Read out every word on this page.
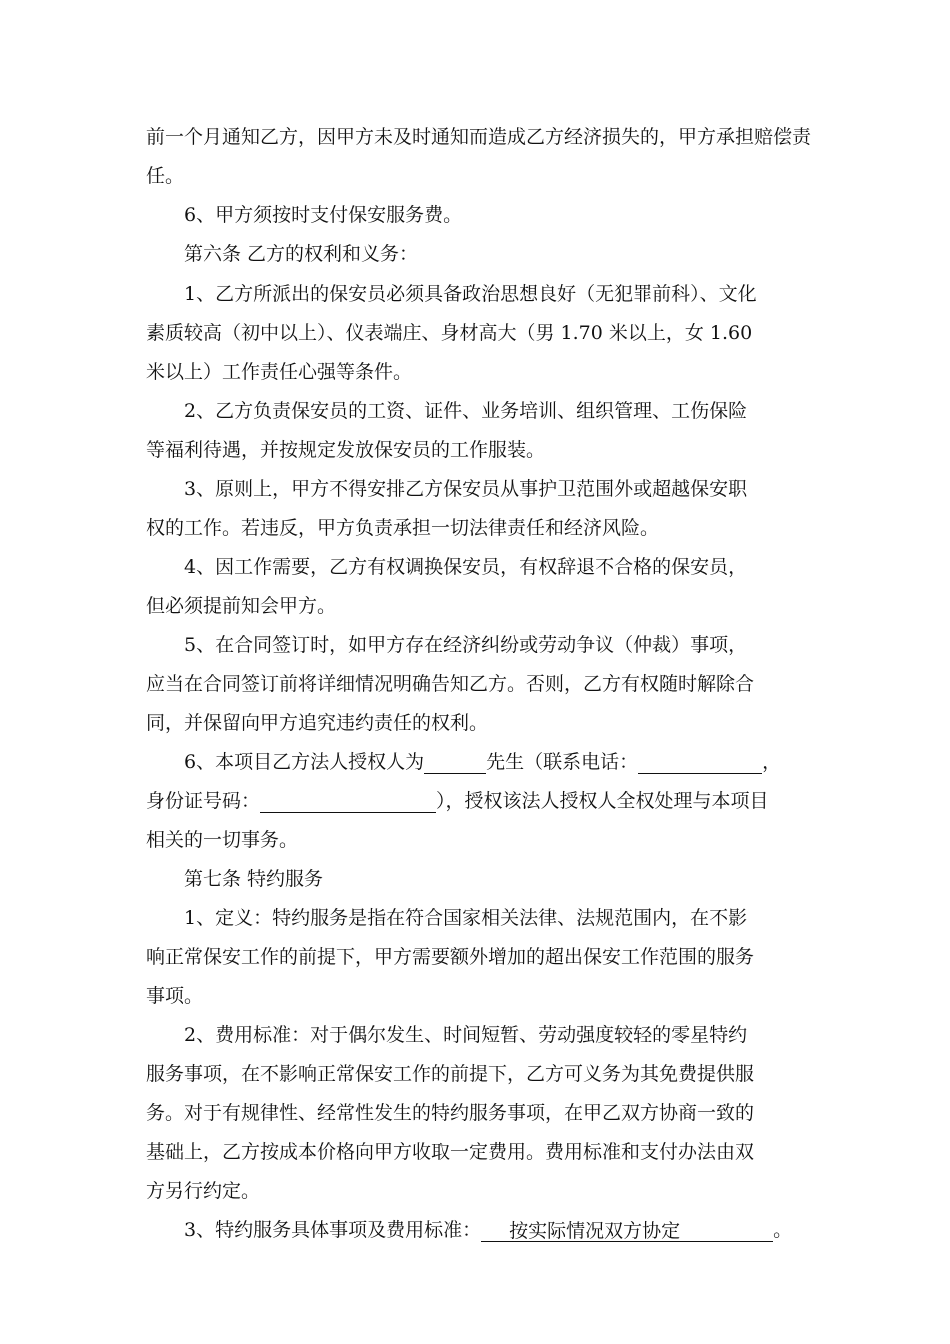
前一个月通知乙方，因甲方未及时通知而造成乙方经济损失的，甲方承担赔偿责
任。
6、甲方须按时支付保安服务费。
第六条 乙方的权利和义务：
1、乙方所派出的保安员必须具备政治思想良好（无犯罪前科）、文化
素质较高（初中以上）、仪表端庄、身材高大（男 1.70 米以上，女 1.60
米以上）工作责任心强等条件。
2、乙方负责保安员的工资、证件、业务培训、组织管理、工伤保险
等福利待遇，并按规定发放保安员的工作服装。
3、原则上，甲方不得安排乙方保安员从事护卫范围外或超越保安职
权的工作。若违反，甲方负责承担一切法律责任和经济风险。
4、因工作需要，乙方有权调换保安员，有权辞退不合格的保安员，
但必须提前知会甲方。
5、在合同签订时，如甲方存在经济纠纷或劳动争议（仲裁）事项，
应当在合同签订前将详细情况明确告知乙方。否则，乙方有权随时解除合
同，并保留向甲方追究违约责任的权利。
6、本项目乙方法人授权人为	先生（联系电话：	，
身份证号码：	），授权该法人授权人全权处理与本项目
相关的一切事务。
第七条 特约服务
1、定义：特约服务是指在符合国家相关法律、法规范围内，在不影
响正常保安工作的前提下，甲方需要额外增加的超出保安工作范围的服务
事项。
2、费用标准：对于偶尔发生、时间短暂、劳动强度较轻的零星特约
服务事项，在不影响正常保安工作的前提下，乙方可义务为其免费提供服
务。对于有规律性、经常性发生的特约服务事项，在甲乙双方协商一致的
基础上，乙方按成本价格向甲方收取一定费用。费用标准和支付办法由双
方另行约定。
3、特约服务具体事项及费用标准： 按实际情况双方协定	。
